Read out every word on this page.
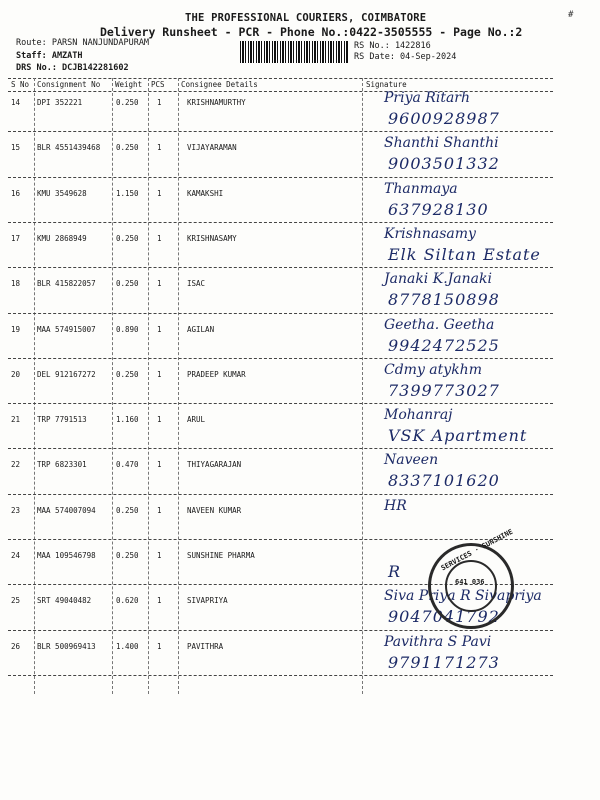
THE PROFESSIONAL COURIERS, COIMBATORE
Delivery Runsheet - PCR - Phone No.:0422-3505555 - Page No.:2
Route: PARSN NANJUNDAPURAM
Staff: AMZATH
DRS No.: DCJB142281602
RS No.: 1422816
RS Date: 04-Sep-2024
#
S No Consignment No Weight PCS Consignee Details	Signature
14 DPI 352221	0.250 1	KRISHNAMURTHY	Priya Ritarh
9600928987
15 BLR 4551439468 0.250 1	VIJAYARAMAN	Shanthi Shanthi
9003501332
16 KMU 3549628	1.150 1	KAMAKSHI	Thanmaya
637928130
17 KMU 2868949	0.250 1	KRISHNASAMY	Krishnasamy
Elk Siltan Estate
18 BLR 415822057	0.250 1	ISAC	Janaki K.Janaki
8778150898
19 MAA 574915007	0.890 1	AGILAN	Geetha. Geetha
9942472525
20 DEL 912167272	0.250 1	PRADEEP KUMAR	Cdmy atykhm
7399773027
21 TRP 7791513	1.160 1	ARUL	Mohanraj
VSK Apartment
22 TRP 6823301	0.470 1	THIYAGARAJAN	Naveen
8337101620
23 MAA 574007094	0.250 1	NAVEEN KUMAR	HR
24 MAA 109546798	0.250 1	SUNSHINE PHARMA
R
25 SRT 49040482	0.620 1	SIVAPRIYA	Siva Priya R Sivapriya
9047041792
26 BLR 500969413	1.400 1	PAVITHRA	Pavithra S Pavi
9791171273
SERVICES · SUNSHINE
641 036
